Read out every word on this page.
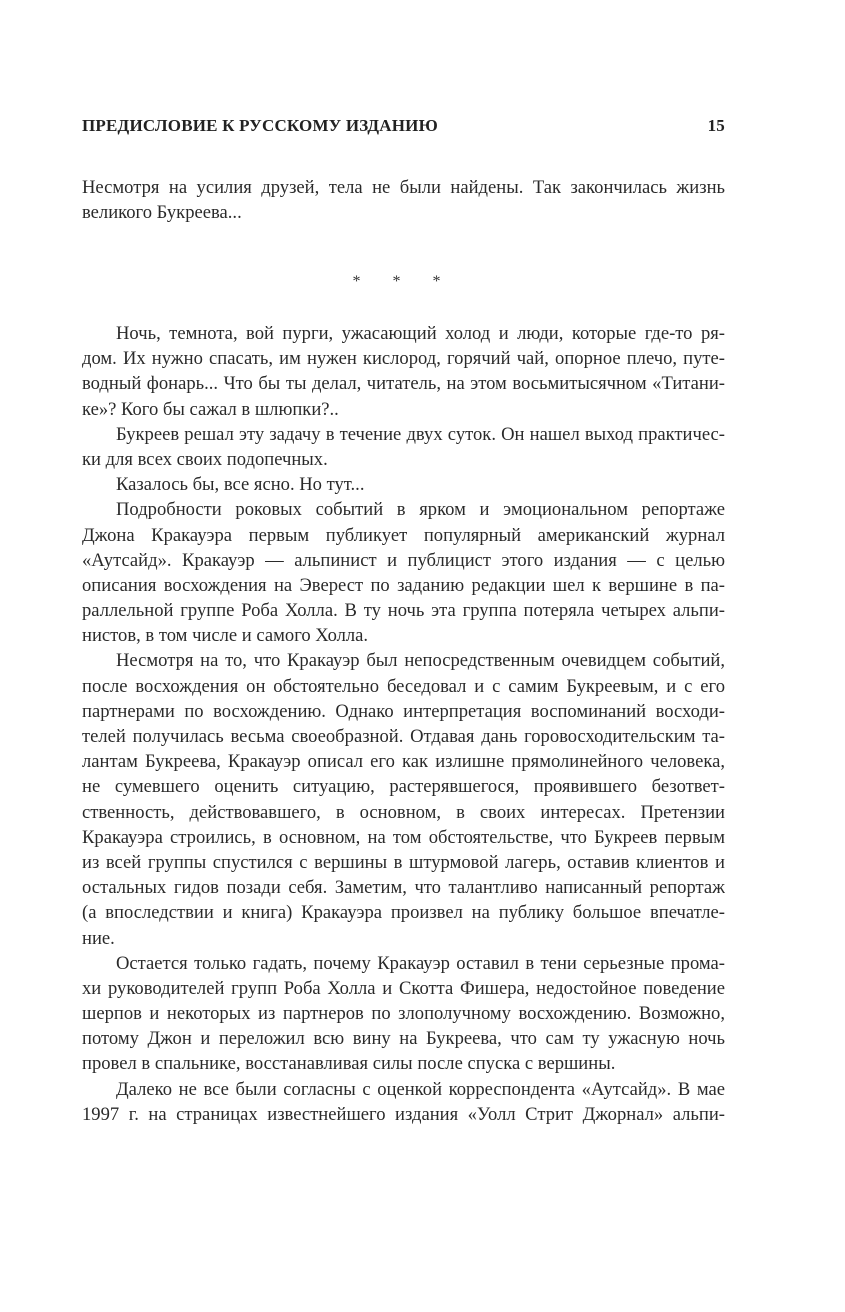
ПРЕДИСЛОВИЕ К РУССКОМУ ИЗДАНИЮ	15
Несмотря на усилия друзей, тела не были найдены. Так закончилась жизнь
великого Букреева...
* * *
Ночь, темнота, вой пурги, ужасающий холод и люди, которые где-то ря-
дом. Их нужно спасать, им нужен кислород, горячий чай, опорное плечо, путе-
водный фонарь... Что бы ты делал, читатель, на этом восьмитысячном «Титани-
ке»? Кого бы сажал в шлюпки?..
Букреев решал эту задачу в течение двух суток. Он нашел выход практичес-
ки для всех своих подопечных.
Казалось бы, все ясно. Но тут...
Подробности роковых событий в ярком и эмоциональном репортаже
Джона Кракауэра первым публикует популярный американский журнал
«Аутсайд». Кракауэр — альпинист и публицист этого издания — с целью
описания восхождения на Эверест по заданию редакции шел к вершине в па-
раллельной группе Роба Холла. В ту ночь эта группа потеряла четырех альпи-
нистов, в том числе и самого Холла.
Несмотря на то, что Кракауэр был непосредственным очевидцем событий,
после восхождения он обстоятельно беседовал и с самим Букреевым, и с его
партнерами по восхождению. Однако интерпретация воспоминаний восходи-
телей получилась весьма своеобразной. Отдавая дань горовосходительским та-
лантам Букреева, Кракауэр описал его как излишне прямолинейного человека,
не сумевшего оценить ситуацию, растерявшегося, проявившего безответ-
ственность, действовавшего, в основном, в своих интересах. Претензии
Кракауэра строились, в основном, на том обстоятельстве, что Букреев первым
из всей группы спустился с вершины в штурмовой лагерь, оставив клиентов и
остальных гидов позади себя. Заметим, что талантливо написанный репортаж
(а впоследствии и книга) Кракауэра произвел на публику большое впечатле-
ние.
Остается только гадать, почему Кракауэр оставил в тени серьезные прома-
хи руководителей групп Роба Холла и Скотта Фишера, недостойное поведение
шерпов и некоторых из партнеров по злополучному восхождению. Возможно,
потому Джон и переложил всю вину на Букреева, что сам ту ужасную ночь
провел в спальнике, восстанавливая силы после спуска с вершины.
Далеко не все были согласны с оценкой корреспондента «Аутсайд». В мае
1997 г. на страницах известнейшего издания «Уолл Стрит Джорнал» альпи-
